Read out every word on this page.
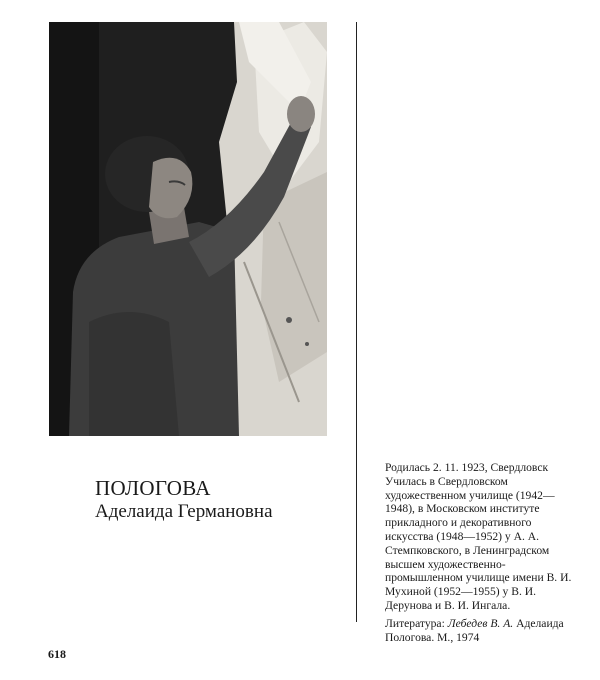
ПОЛОГОВА
Аделаида Германовна

Родилась 2. 11. 1923, Свердловск Училась в Свердловском художественном училище (1942—1948), в Московском институте прикладного и декоративного искусства (1948—1952) у А. А. Стемпковского, в Ленинградском высшем художественно-промышленном училище имени В. И. Мухиной (1952—1955) у В. И. Дерунова и В. И. Ингала.

Литература: Лебедев В. А. Аделаида Пологова. М., 1974

618
